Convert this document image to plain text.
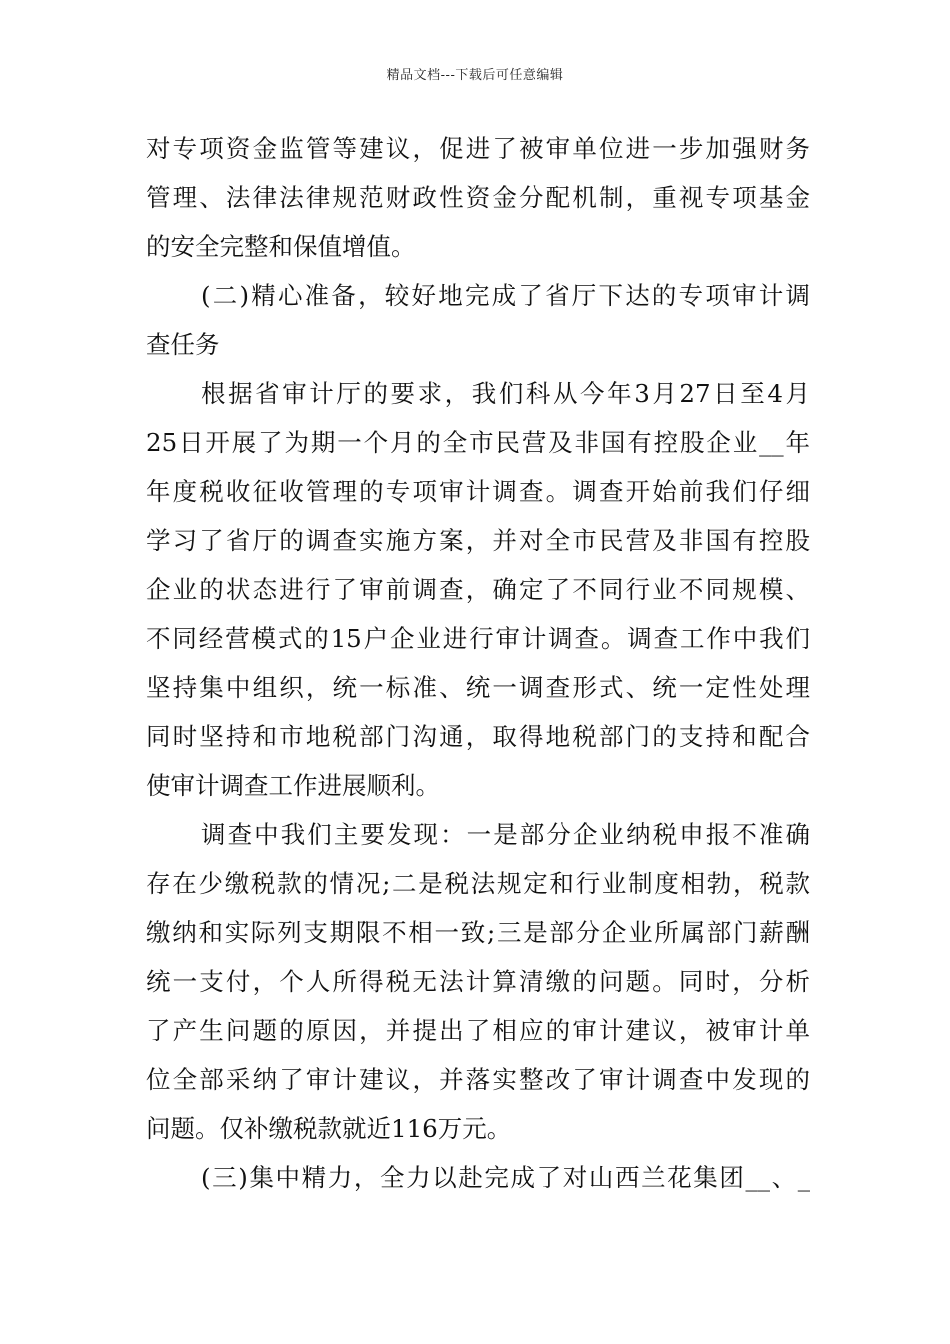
精品文档---下载后可任意编辑
对专项资金监管等建议，促进了被审单位进一步加强财务
管理、法律法律规范财政性资金分配机制，重视专项基金
的安全完整和保值增值。
(二)精心准备，较好地完成了省厅下达的专项审计调
查任务
根据省审计厅的要求，我们科从今年3月27日至4月
25日开展了为期一个月的全市民营及非国有控股企业__年
年度税收征收管理的专项审计调查。调查开始前我们仔细
学习了省厅的调查实施方案，并对全市民营及非国有控股
企业的状态进行了审前调查，确定了不同行业不同规模、
不同经营模式的15户企业进行审计调查。调查工作中我们
坚持集中组织，统一标准、统一调查形式、统一定性处理
同时坚持和市地税部门沟通，取得地税部门的支持和配合
使审计调查工作进展顺利。
调查中我们主要发现：一是部分企业纳税申报不准确
存在少缴税款的情况;二是税法规定和行业制度相勃，税款
缴纳和实际列支期限不相一致;三是部分企业所属部门薪酬
统一支付，个人所得税无法计算清缴的问题。同时，分析
了产生问题的原因，并提出了相应的审计建议，被审计单
位全部采纳了审计建议，并落实整改了审计调查中发现的
问题。仅补缴税款就近116万元。
(三)集中精力，全力以赴完成了对山西兰花集团__、_
